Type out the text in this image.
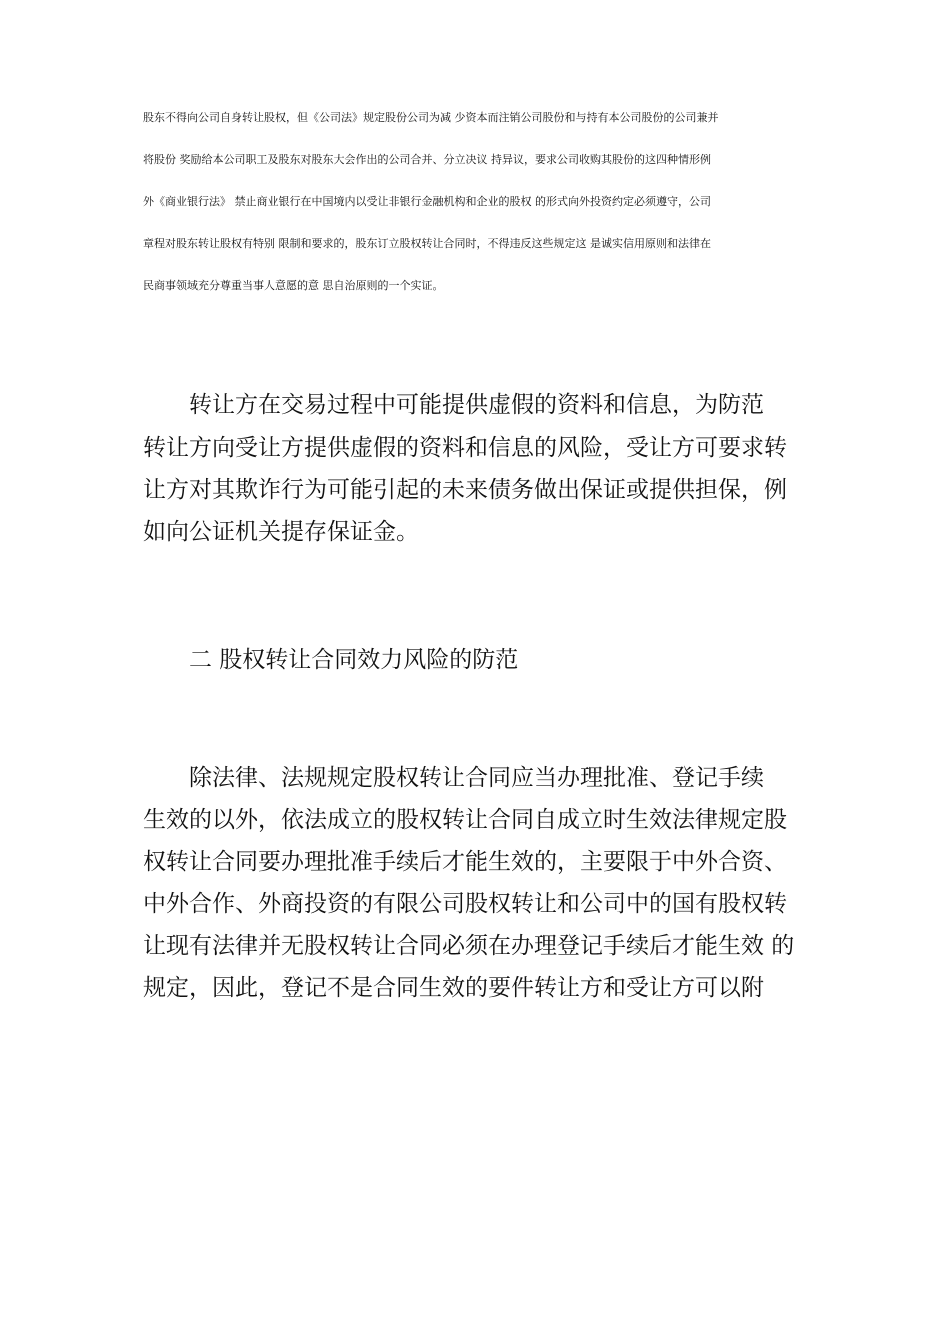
股东不得向公司自身转让股权，但《公司法》规定股份公司为减 少资本而注销公司股份和与持有本公司股份的公司兼并
将股份 奖励给本公司职工及股东对股东大会作出的公司合并、分立决议 持异议，要求公司收购其股份的这四种情形例
外《商业银行法》 禁止商业银行在中国境内以受让非银行金融机构和企业的股权 的形式向外投资约定必须遵守，公司
章程对股东转让股权有特别 限制和要求的，股东订立股权转让合同时，不得违反这些规定这 是诚实信用原则和法律在
民商事领域充分尊重当事人意愿的意 思自治原则的一个实证。
　　转让方在交易过程中可能提供虚假的资料和信息，为防范
转让方向受让方提供虚假的资料和信息的风险，受让方可要求转
让方对其欺诈行为可能引起的未来债务做出保证或提供担保，例
如向公证机关提存保证金。
　　二 股权转让合同效力风险的防范
　　除法律、法规规定股权转让合同应当办理批准、登记手续
生效的以外，依法成立的股权转让合同自成立时生效法律规定股
权转让合同要办理批准手续后才能生效的，主要限于中外合资、
中外合作、外商投资的有限公司股权转让和公司中的国有股权转
让现有法律并无股权转让合同必须在办理登记手续后才能生效 的
规定，因此，登记不是合同生效的要件转让方和受让方可以附
